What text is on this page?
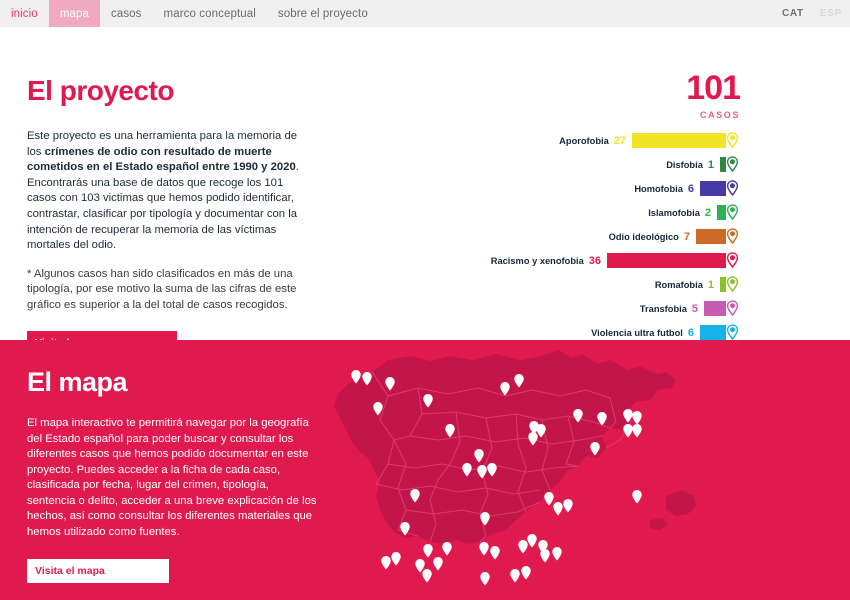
inicio mapa casos marco conceptual sobre el proyecto	CAT ESP
El proyecto

Este proyecto es una herramienta para la memoria de los crímenes de odio con resultado de muerte cometidos en el Estado español entre 1990 y 2020. Encontrarás una base de datos que recoge los 101 casos con 103 victimas que hemos podido identificar, contrastar, clasificar por tipología y documentar con la intención de recuperar la memoria de las víctimas mortales del odio.

* Algunos casos han sido clasificados en más de una tipología, por ese motivo la suma de las cifras de este gráfico es superior a la del total de casos recogidos.

101
CASOS
Aporofobia 27
Disfobia 1
Homofobia 6
Islamofobia 2
Odio ideológico 7
Racismo y xenofobia 36
Romafobia 1
Transfobia 5
Violencia ultra futbol 6
El mapa
El mapa interactivo te permitirá navegar por la geografía del Estado español para poder buscar y consultar los diferentes casos que hemos podido documentar en este proyecto. Puedes acceder a la ficha de cada caso, clasificada por fecha, lugar del crimen, tipología, sentencia o delito, acceder a una breve explicación de los hechos, así como consultar los diferentes materiales que hemos utilizado como fuentes.
Visita el mapa
